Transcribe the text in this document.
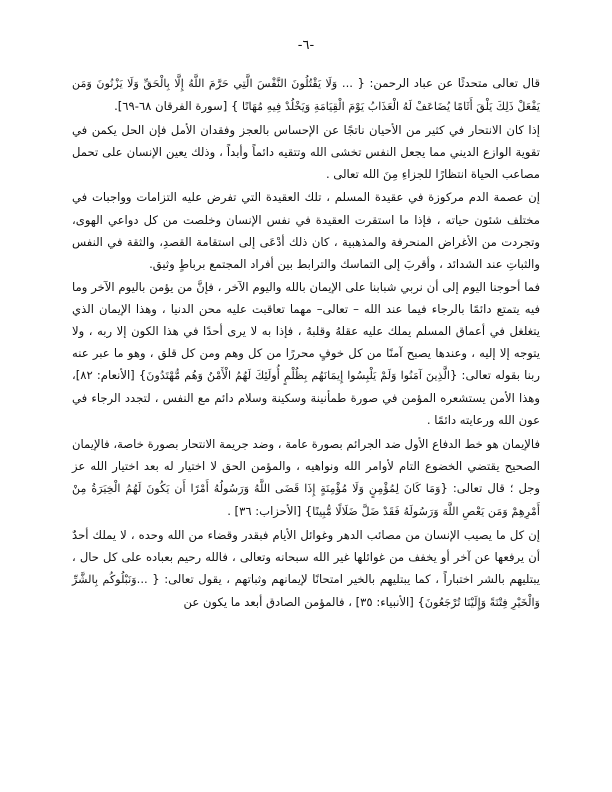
-٦-
قال تعالى متحدثًا عن عباد الرحمن: { ... وَلَا يَقْتُلُونَ النَّفْسَ الَّتِي حَرَّمَ اللَّهُ إِلَّا بِالْحَقِّ وَلَا يَزْنُونَ وَمَن يَفْعَلْ ذَلِكَ يَلْقَ أَثَامًا يُضَاعَفْ لَهُ الْعَذَابُ يَوْمَ الْقِيَامَةِ وَيَخْلُدْ فِيهِ مُهَانًا } [سورة الفرقان ٦٨-٦٩].
إذا كان الانتحار في كثير من الأحيان ناتجًا عن الإحساس بالعجز وفقدان الأمل فإن الحل يكمن في تقوية الوازع الديني مما يجعل النفس تخشى الله وتتقيه دائماً وأبداً ، وذلك يعين الإنسان على تحمل مصاعب الحياة انتظارًا للجزاءِ مِنَ الله تعالى .
إن عصمة الدم مركوزة في عقيدة المسلم ، تلك العقيدة التي تفرض عليه التزامات وواجبات في مختلف شئون حياته ، فإذا ما استقرت العقيدة في نفس الإنسان وخلصت من كل دواعي الهوى، وتجردت من الأغراض المنحرفة والمذهبية ، كان ذلك أدْعَى إلى استقامة القصدِ، والثقة في النفس والثباتِ عند الشدائد ، وأقربَ إلى التماسك والترابط بين أفراد المجتمع برباطٍ وثيق.
فما أحوجنا اليوم إلى أن نربي شبابنا على الإيمان بالله واليوم الآخر ، فإنَّ من يؤمن باليوم الآخر وما فيه يتمتع دائمًا بالرجاء فيما عند الله – تعالى– مهما تعاقبت عليه محن الدنيا ، وهذا الإيمان الذي يتغلغل في أعماق المسلم يملك عليه عقلهُ وقلبهُ ، فإذا به لا يرى أحدًا في هذا الكون إلا ربه ، ولا يتوجه إلا إليه ، وعندها يصبح آمنًا من كل خوفٍ محررًا من كل وهم ومن كل قلق ، وهو ما عبر عنه ربنا بقوله تعالى: {الَّذِينَ آمَنُوا وَلَمْ يَلْبِسُوا إِيمَانَهُم بِظُلْمٍ أُولَئِكَ لَهُمُ الْأَمْنُ وَهُم مُّهْتَدُونَ} [الأنعام: ٨٢]، وهذا الأمن يستشعره المؤمن في صورة طمأنينة وسكينة وسلام دائم مع النفس ، لتجدد الرجاء في عون الله ورعايته دائمًا .
فالإيمان هو خط الدفاع الأول ضد الجرائم بصورة عامة ، وضد جريمة الانتحار بصورة خاصة، فالإيمان الصحيح يقتضي الخضوع التام لأوامر الله ونواهيه ، والمؤمن الحق لا اختيار له بعد اختيار الله عز وجل ؛ قال تعالى: {وَمَا كَانَ لِمُؤْمِنٍ وَلَا مُؤْمِنَةٍ إِذَا قَضَى اللَّهُ وَرَسُولُهُ أَمْرًا أَن يَكُونَ لَهُمُ الْخِيَرَةُ مِنْ أَمْرِهِمْ وَمَن يَعْصِ اللَّهَ وَرَسُولَهُ فَقَدْ ضَلَّ ضَلَالًا مُّبِينًا} [الأحزاب: ٣٦] .
إن كل ما يصيب الإنسان من مصائب الدهر وغوائل الأيام فبقدر وقضاء من الله وحده ، لا يملك أحدٌ أن يرفعها عن آخر أو يخفف من غوائلها غير الله سبحانه وتعالى ، فالله رحيم بعباده على كل حال ، يبتليهم بالشر اختباراً ، كما يبتليهم بالخير امتحانًا لإيمانهم وثباتهم ، يقول تعالى: { ...وَنَبْلُوكُم بِالشَّرِّ وَالْخَيْرِ فِتْنَةً وَإِلَيْنَا تُرْجَعُونَ} [الأنبياء: ٣٥] ، فالمؤمن الصادق أبعد ما يكون عن
